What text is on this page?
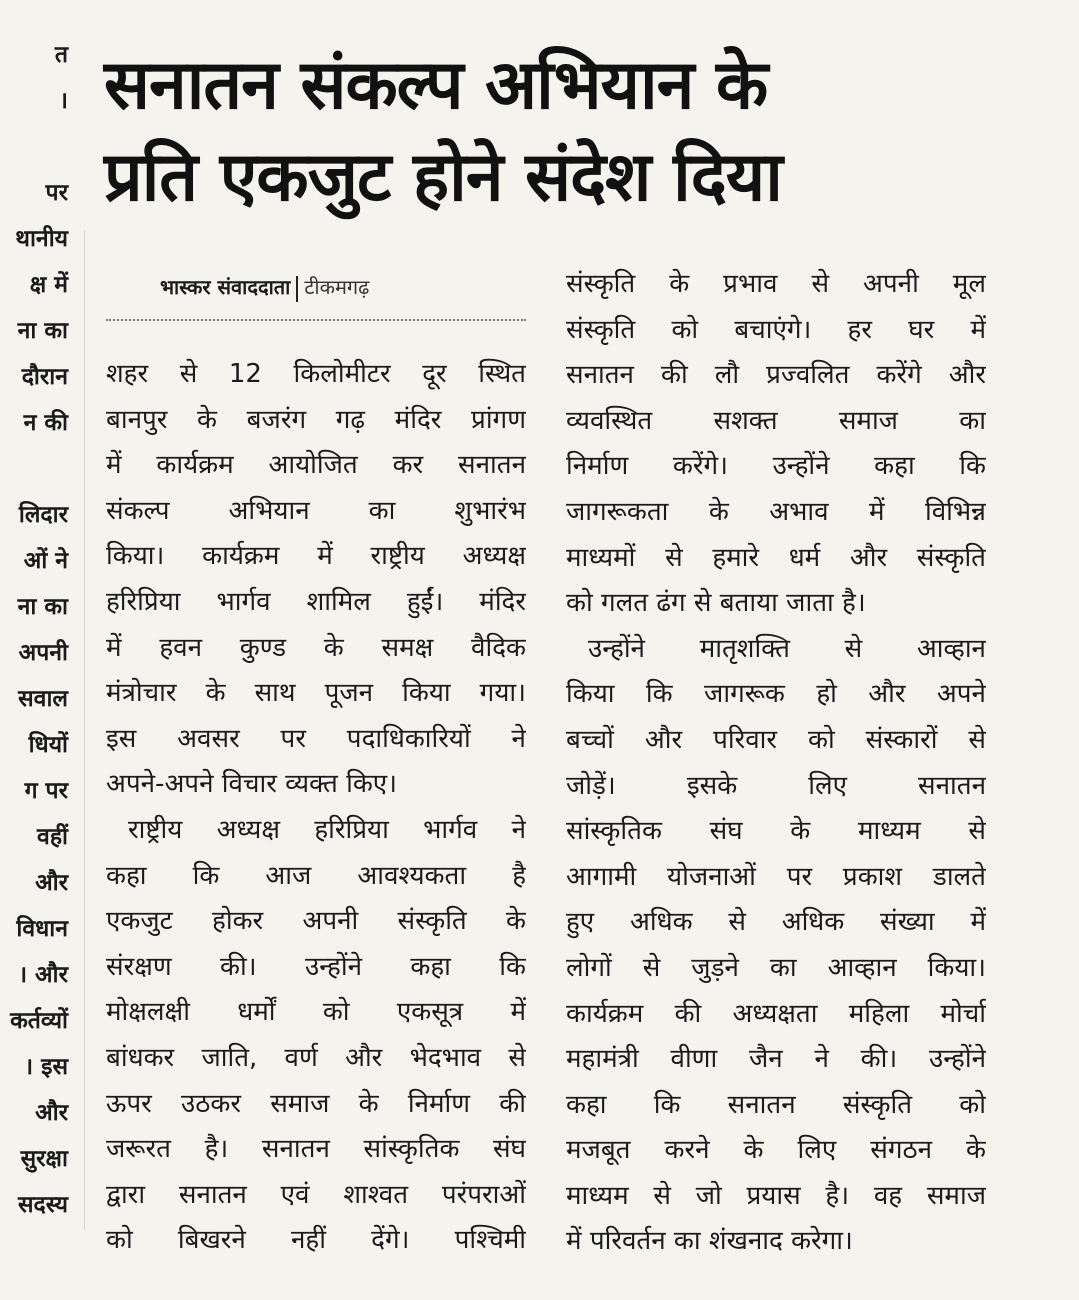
त
।
पर
थानीय
क्ष में
ना का
दौरान
न की
लिदार
ओं ने
ना का
अपनी
सवाल
धियों
ग पर
वहीं
और
विधान
। और
कर्तव्यों
। इस
और
सुरक्षा
सदस्य
सनातन संकल्प अभियान के
प्रति एकजुट होने संदेश दिया
भास्कर संवाददाता टीकमगढ़
शहर से 12 किलोमीटर दूर स्थित
बानपुर के बजरंग गढ़ मंदिर प्रांगण
में कार्यक्रम आयोजित कर सनातन
संकल्प अभियान का शुभारंभ
किया। कार्यक्रम में राष्ट्रीय अध्यक्ष
हरिप्रिया भार्गव शामिल हुईं। मंदिर
में हवन कुण्ड के समक्ष वैदिक
मंत्रोचार के साथ पूजन किया गया।
इस अवसर पर पदाधिकारियों ने
अपने-अपने विचार व्यक्त किए।
राष्ट्रीय अध्यक्ष हरिप्रिया भार्गव ने
कहा कि आज आवश्यकता है
एकजुट होकर अपनी संस्कृति के
संरक्षण की। उन्होंने कहा कि
मोक्षलक्षी धर्मों को एकसूत्र में
बांधकर जाति, वर्ण और भेदभाव से
ऊपर उठकर समाज के निर्माण की
जरूरत है। सनातन सांस्कृतिक संघ
द्वारा सनातन एवं शाश्वत परंपराओं
को बिखरने नहीं देंगे। पश्चिमी
संस्कृति के प्रभाव से अपनी मूल
संस्कृति को बचाएंगे। हर घर में
सनातन की लौ प्रज्वलित करेंगे और
व्यवस्थित सशक्त समाज का
निर्माण करेंगे। उन्होंने कहा कि
जागरूकता के अभाव में विभिन्न
माध्यमों से हमारे धर्म और संस्कृति
को गलत ढंग से बताया जाता है।
उन्होंने मातृशक्ति से आव्हान
किया कि जागरूक हो और अपने
बच्चों और परिवार को संस्कारों से
जोड़ें। इसके लिए सनातन
सांस्कृतिक संघ के माध्यम से
आगामी योजनाओं पर प्रकाश डालते
हुए अधिक से अधिक संख्या में
लोगों से जुड़ने का आव्हान किया।
कार्यक्रम की अध्यक्षता महिला मोर्चा
महामंत्री वीणा जैन ने की। उन्होंने
कहा कि सनातन संस्कृति को
मजबूत करने के लिए संगठन के
माध्यम से जो प्रयास है। वह समाज
में परिवर्तन का शंखनाद करेगा।
